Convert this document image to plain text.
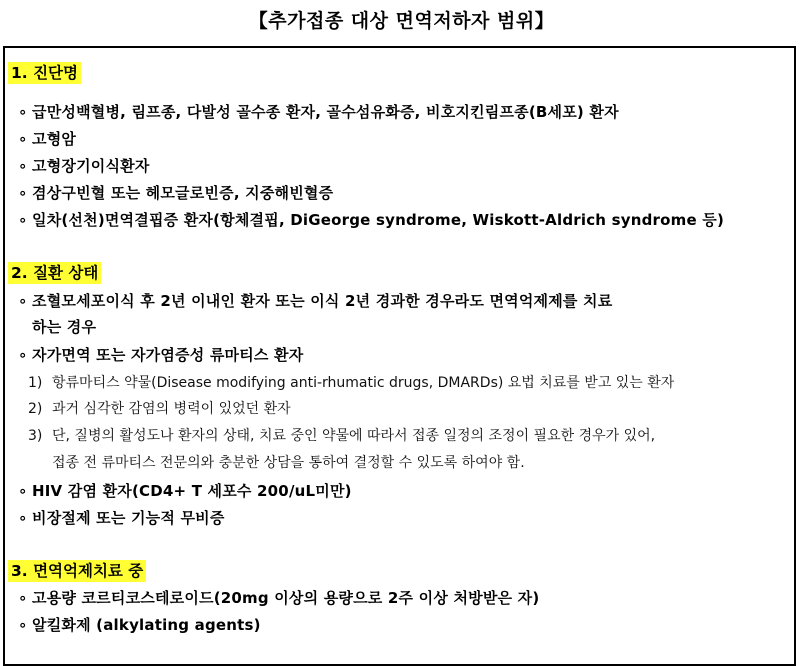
【추가접종 대상 면역저하자 범위】
1. 진단명
∘ 급만성백혈병, 림프종, 다발성 골수종 환자, 골수섬유화증, 비호지킨림프종(B세포) 환자
∘ 고형암
∘ 고형장기이식환자
∘ 겸상구빈혈 또는 헤모글로빈증, 지중해빈혈증
∘ 일차(선천)면역결핍증 환자(항체결핍, DiGeorge syndrome, Wiskott-Aldrich syndrome 등)
2. 질환 상태
∘ 조혈모세포이식 후 2년 이내인 환자 또는 이식 2년 경과한 경우라도 면역억제제를 치료
하는 경우
∘ 자가면역 또는 자가염증성 류마티스 환자
1) 항류마티스 약물(Disease modifying anti-rhumatic drugs, DMARDs) 요법 치료를 받고 있는 환자
2) 과거 심각한 감염의 병력이 있었던 환자
3) 단, 질병의 활성도나 환자의 상태, 치료 중인 약물에 따라서 접종 일정의 조정이 필요한 경우가 있어,
접종 전 류마티스 전문의와 충분한 상담을 통하여 결정할 수 있도록 하여야 함.
∘ HIV 감염 환자(CD4+ T 세포수 200/uL미만)
∘ 비장절제 또는 기능적 무비증
3. 면역억제치료 중
∘ 고용량 코르티코스테로이드(20mg 이상의 용량으로 2주 이상 처방받은 자)
∘ 알킬화제 (alkylating agents)
